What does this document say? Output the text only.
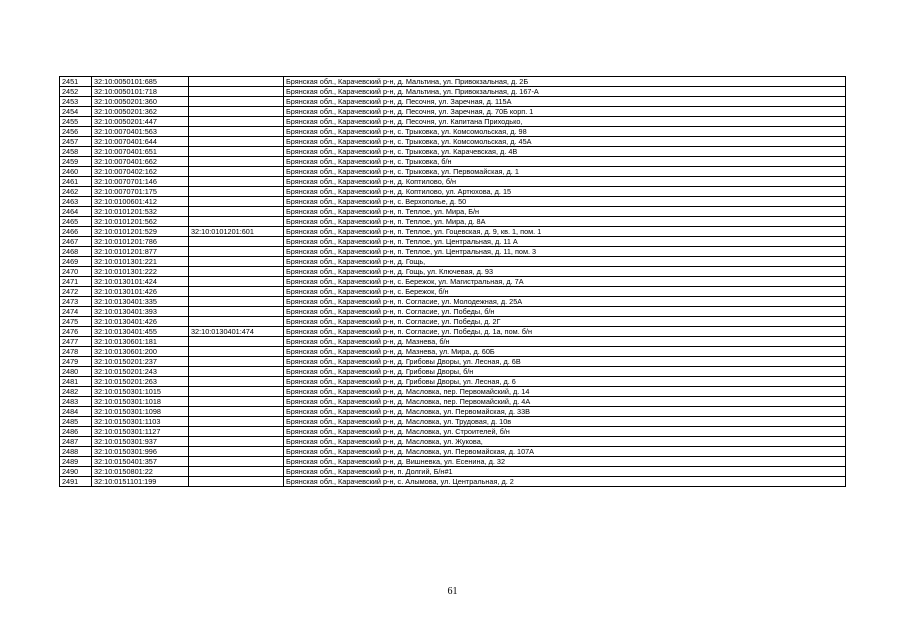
2451	32:10:0050101:685		Брянская обл., Карачевский р-н, д. Мальтина, ул. Привокзальная, д. 2Б
2452	32:10:0050101:718		Брянская обл., Карачевский р-н, д. Мальтина, ул. Привокзальная, д. 167-А
2453	32:10:0050201:360		Брянская обл., Карачевский р-н, д. Песочня, ул. Заречная, д. 115А
2454	32:10:0050201:362		Брянская обл., Карачевский р-н, д. Песочня, ул. Заречная, д. 70Б корп. 1
2455	32:10:0050201:447		Брянская обл., Карачевский р-н, д. Песочня, ул. Капитана Приходько,
2456	32:10:0070401:563		Брянская обл., Карачевский р-н, с. Трыковка, ул. Комсомольская, д. 98
2457	32:10:0070401:644		Брянская обл., Карачевский р-н, с. Трыковка, ул. Комсомольская, д. 45А
2458	32:10:0070401:651		Брянская обл., Карачевский р-н, с. Трыковка, ул. Карачевская, д. 4В
2459	32:10:0070401:662		Брянская обл., Карачевский р-н, с. Трыковка, б/н
2460	32:10:0070402:162		Брянская обл., Карачевский р-н, с. Трыковка, ул. Первомайская, д. 1
2461	32:10:0070701:146		Брянская обл., Карачевский р-н, д. Коптилово, б/н
2462	32:10:0070701:175		Брянская обл., Карачевский р-н, д. Коптилово, ул. Артюхова, д. 15
2463	32:10:0100601:412		Брянская обл., Карачевский р-н, с. Верхополье, д. 50
2464	32:10:0101201:532		Брянская обл., Карачевский р-н, п. Теплое, ул. Мира, Б/н
2465	32:10:0101201:562		Брянская обл., Карачевский р-н, п. Теплое, ул. Мира, д. 8А
2466	32:10:0101201:529	32:10:0101201:601	Брянская обл., Карачевский р-н, п. Теплое, ул. Гоцевская, д. 9, кв. 1, пом. 1
2467	32:10:0101201:786		Брянская обл., Карачевский р-н, п. Теплое, ул. Центральная, д. 11 А
2468	32:10:0101201:877		Брянская обл., Карачевский р-н, п. Теплое, ул. Центральная, д. 11, пом. 3
2469	32:10:0101301:221		Брянская обл., Карачевский р-н, д. Гощь,
2470	32:10:0101301:222		Брянская обл., Карачевский р-н, д. Гощь, ул. Ключевая, д. 93
2471	32:10:0130101:424		Брянская обл., Карачевский р-н, с. Бережок, ул. Магистральная, д. 7А
2472	32:10:0130101:426		Брянская обл., Карачевский р-н, с. Бережок, б/н
2473	32:10:0130401:335		Брянская обл., Карачевский р-н, п. Согласие, ул. Молодежная, д. 25А
2474	32:10:0130401:393		Брянская обл., Карачевский р-н, п. Согласие, ул. Победы, б/н
2475	32:10:0130401:426		Брянская обл., Карачевский р-н, п. Согласие, ул. Победы, д. 2Г
2476	32:10:0130401:455	32:10:0130401:474	Брянская обл., Карачевский р-н, п. Согласие, ул. Победы, д. 1а, пом. б/н
2477	32:10:0130601:181		Брянская обл., Карачевский р-н, д. Мазнева, б/н
2478	32:10:0130601:200		Брянская обл., Карачевский р-н, д. Мазнева, ул. Мира, д. 60Б
2479	32:10:0150201:237		Брянская обл., Карачевский р-н, д. Грибовы Дворы, ул. Лесная, д. 6В
2480	32:10:0150201:243		Брянская обл., Карачевский р-н, д. Грибовы Дворы, б/н
2481	32:10:0150201:263		Брянская обл., Карачевский р-н, д. Грибовы Дворы, ул. Лесная, д. 6
2482	32:10:0150301:1015		Брянская обл., Карачевский р-н, д. Масловка, пер. Первомайский, д. 14
2483	32:10:0150301:1018		Брянская обл., Карачевский р-н, д. Масловка, пер. Первомайский, д. 4А
2484	32:10:0150301:1098		Брянская обл., Карачевский р-н, д. Масловка, ул. Первомайская, д. 33В
2485	32:10:0150301:1103		Брянская обл., Карачевский р-н, д. Масловка, ул. Трудовая, д. 10в
2486	32:10:0150301:1127		Брянская обл., Карачевский р-н, д. Масловка, ул. Строителей, б/н
2487	32:10:0150301:937		Брянская обл., Карачевский р-н, д. Масловка, ул. Жукова,
2488	32:10:0150301:996		Брянская обл., Карачевский р-н, д. Масловка, ул. Первомайская, д. 107А
2489	32:10:0150401:357		Брянская обл., Карачевский р-н, д. Вишневка, ул. Есенина, д. 32
2490	32:10:0150801:22		Брянская обл., Карачевский р-н, п. Долгий, Б/н#1
2491	32:10:0151101:199		Брянская обл., Карачевский р-н, с. Алымова, ул. Центральная, д. 2
61
